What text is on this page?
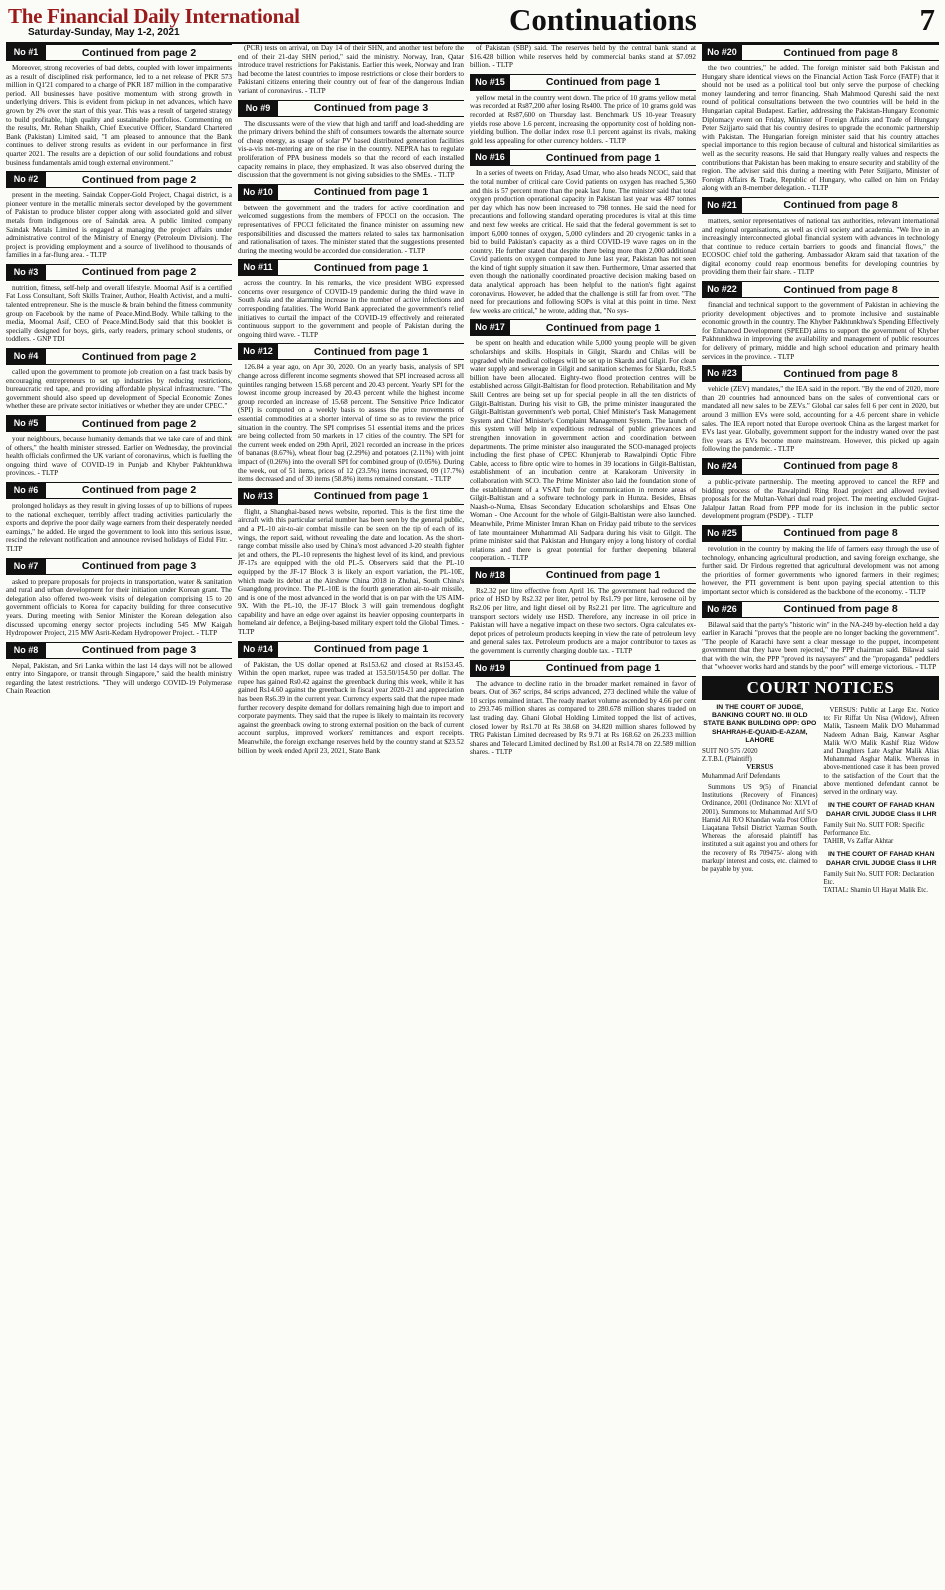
The Financial Daily International
Saturday-Sunday, May 1-2, 2021	Continuations	7
No #1	Continued from page 2
Moreover, strong recoveries of bad debts, coupled with lower impairments as a result of disciplined risk performance, led to a net release of PKR 573 million in Q1'21 compared to a charge of PKR 187 million in the comparative period. All businesses have positive momentum with strong growth in underlying drivers. This is evident from pickup in net advances, which have grown by 2% over the start of this year. This was a result of targeted strategy to build profitable, high quality and sustainable portfolios. Commenting on the results, Mr. Rehan Shaikh, Chief Executive Officer, Standard Chartered Bank (Pakistan) Limited said, "I am pleased to announce that the Bank continues to deliver strong results as evident in our performance in first quarter 2021. The results are a depiction of our solid foundations and robust business fundamentals amid tough external environment."
No #2	Continued from page 2
present in the meeting. Saindak Copper-Gold Project, Chagai district, is a pioneer venture in the metallic minerals sector developed by the government of Pakistan to produce blister copper along with associated gold and silver metals from indigenous ore of Saindak area. A public limited company Saindak Metals Limited is engaged at managing the project affairs under administrative control of the Ministry of Energy (Petroleum Division). The project is providing employment and a source of livelihood to thousands of families in a far-flung area. - TLTP
No #3	Continued from page 2
nutrition, fitness, self-help and overall lifestyle. Moomal Asif is a certified Fat Loss Consultant, Soft Skills Trainer, Author, Health Activist, and a multi-talented entrepreneur. She is the muscle & brain behind the fitness community group on Facebook by the name of Peace.Mind.Body. While talking to the media, Moomal Asif, CEO of Peace.Mind.Body said that this booklet is specially designed for boys, girls, early readers, primary school students, or toddlers. - GNP TDI
No #4	Continued from page 2
called upon the government to promote job creation on a fast track basis by encouraging entrepreneurs to set up industries by reducing restrictions, bureaucratic red tape, and providing affordable physical infrastructure. "The government should also speed up development of Special Economic Zones whether these are private sector initiatives or whether they are under CPEC."
No #5	Continued from page 2
your neighbours, because humanity demands that we take care of and think of others," the health minister stressed. Earlier on Wednesday, the provincial health officials confirmed the UK variant of coronavirus, which is fuelling the ongoing third wave of COVID-19 in Punjab and Khyber Pakhtunkhwa provinces. - TLTP
No #6	Continued from page 2
prolonged holidays as they result in giving losses of up to billions of rupees to the national exchequer, terribly affect trading activities particularly the exports and deprive the poor daily wage earners from their desperately needed earnings," he added. He urged the government to look into this serious issue, rescind the relevant notification and announce revised holidays of Eidul Fitr. - TLTP
No #7	Continued from page 3
asked to prepare proposals for projects in transportation, water & sanitation and rural and urban development for their initiation under Korean grant. The delegation also offered two-week visits of delegation comprising 15 to 20 government officials to Korea for capacity building for three consecutive years. During meeting with Senior Minister the Korean delegation also discussed upcoming energy sector projects including 545 MW Kaigah Hydropower Project, 215 MW Asrit-Kedam Hydropower Project. - TLTP
No #8	Continued from page 3
Nepal, Pakistan, and Sri Lanka within the last 14 days will not be allowed entry into Singapore, or transit through Singapore," said the health ministry regarding the latest restrictions. "They will undergo COVID-19 Polymerase Chain Reaction
(PCR) tests on arrival, on Day 14 of their SHN, and another test before the end of their 21-day SHN period," said the ministry. Norway, Iran, Qatar introduce travel restrictions for Pakistanis. Earlier this week, Norway and Iran had become the latest countries to impose restrictions or close their borders to Pakistani citizens entering their country out of fear of the dangerous Indian variant of coronavirus. - TLTP
No #9	Continued from page 3
The discussants were of the view that high and tariff and load-shedding are the primary drivers behind the shift of consumers towards the alternate source of cheap energy, as usage of solar PV based distributed generation facilities vis-a-vis net-metering are on the rise in the country. NEPRA has to regulate proliferation of PPA business models so that the record of each installed capacity remains in place, they emphasized. It was also observed during the discussion that the government is not giving subsidies to the SMEs. - TLTP
No #10	Continued from page 1
between the government and the traders for active coordination and welcomed suggestions from the members of FPCCI on the occasion. The representatives of FPCCI felicitated the finance minister on assuming new responsibilities and discussed the matters related to sales tax harmonisation and rationalisation of taxes. The minister stated that the suggestions presented during the meeting would be accorded due consideration. - TLTP
No #11	Continued from page 1
across the country. In his remarks, the vice president WBG expressed concerns over resurgence of COVID-19 pandemic during the third wave in South Asia and the alarming increase in the number of active infections and corresponding fatalities. The World Bank appreciated the government's relief initiatives to curtail the impact of the COVID-19 effectively and reiterated continuous support to the government and people of Pakistan during the ongoing third wave. - TLTP
No #12	Continued from page 1
126.84 a year ago, on Apr 30, 2020. On an yearly basis, analysis of SPI change across different income segments showed that SPI increased across all quintiles ranging between 15.68 percent and 20.43 percent. Yearly SPI for the lowest income group increased by 20.43 percent while the highest income group recorded an increase of 15.68 percent. The Sensitive Price Indicator (SPI) is computed on a weekly basis to assess the price movements of essential commodities at a shorter interval of time so as to review the price situation in the country. The SPI comprises 51 essential items and the prices are being collected from 50 markets in 17 cities of the country. The SPI for the current week ended on 29th April, 2021 recorded an increase in the prices of bananas (8.67%), wheat flour bag (2.29%) and potatoes (2.11%) with joint impact of (0.26%) into the overall SPI for combined group of (0.05%). During the week, out of 51 items, prices of 12 (23.5%) items increased, 09 (17.7%) items decreased and of 30 items (58.8%) items remained constant. - TLTP
No #13	Continued from page 1
flight, a Shanghai-based news website, reported. This is the first time the aircraft with this particular serial number has been seen by the general public, and a PL-10 air-to-air combat missile can be seen on the tip of each of its wings, the report said, without revealing the date and location. As the short-range combat missile also used by China's most advanced J-20 stealth fighter jet and others, the PL-10 represents the highest level of its kind, and previous JF-17s are equipped with the old PL-5. Observers said that the PL-10 equipped by the JF-17 Block 3 is likely an export variation, the PL-10E, which made its debut at the Airshow China 2018 in Zhuhai, South China's Guangdong province. The PL-10E is the fourth generation air-to-air missile, and is one of the most advanced in the world that is on par with the US AIM-9X. With the PL-10, the JF-17 Block 3 will gain tremendous dogfight capability and have an edge over against its heavier opposing counterparts in homeland air defence, a Beijing-based military expert told the Global Times. - TLTP
No #14	Continued from page 1
of Pakistan, the US dollar opened at Rs153.62 and closed at Rs153.45. Within the open market, rupee was traded at 153.50/154.50 per dollar. The rupee has gained Rs0.42 against the greenback during this week, while it has gained Rs14.60 against the greenback in fiscal year 2020-21 and appreciation has been Rs6.39 in the current year. Currency experts said that the rupee made further recovery despite demand for dollars remaining high due to import and corporate payments. They said that the rupee is likely to maintain its recovery against the greenback owing to strong external position on the back of current account surplus, improved workers' remittances and export receipts. Meanwhile, the foreign exchange reserves held by the country stand at $23.52 billion by week ended April 23, 2021, State Bank
of Pakistan (SBP) said. The reserves held by the central bank stand at $16.428 billion while reserves held by commercial banks stand at $7.092 billion. - TLTP
No #15	Continued from page 1
yellow metal in the country went down. The price of 10 grams yellow metal was recorded at Rs87,200 after losing Rs400. The price of 10 grams gold was recorded at Rs87,600 on Thursday last. Benchmark US 10-year Treasury yields rose above 1.6 percent, increasing the opportunity cost of holding non-yielding bullion. The dollar index rose 0.1 percent against its rivals, making gold less appealing for other currency holders. - TLTP
No #16	Continued from page 1
In a series of tweets on Friday, Asad Umar, who also heads NCOC, said that the total number of critical care Covid patients on oxygen has reached 5,360 and this is 57 percent more than the peak last June. The minister said that total oxygen production operational capacity in Pakistan last year was 487 tonnes per day which has now been increased to 798 tonnes. He said the need for precautions and following standard operating procedures is vital at this time and next few weeks are critical. He said that the federal government is set to import 6,000 tonnes of oxygen, 5,000 cylinders and 20 cryogenic tanks in a bid to build Pakistan's capacity as a third COVID-19 wave rages on in the country. He further stated that despite there being more than 2,000 additional Covid patients on oxygen compared to June last year, Pakistan has not seen the kind of tight supply situation it saw then. Furthermore, Umar asserted that even though the nationally coordinated proactive decision making based on data analytical approach has been helpful to the nation's fight against coronavirus. However, he added that the challenge is still far from over. "The need for precautions and following SOPs is vital at this point in time. Next few weeks are critical," he wrote, adding that, "No sys-
No #17	Continued from page 1
be spent on health and education while 5,000 young people will be given scholarships and skills. Hospitals in Gilgit, Skardu and Chilas will be upgraded while medical colleges will be set up in Skardu and Gilgit. For clean water supply and sewerage in Gilgit and sanitation schemes for Skardu, Rs8.5 billion have been allocated. Eighty-two flood protection centres will be established across Gilgit-Baltistan for flood protection. Rehabilitation and My Skill Centres are being set up for special people in all the ten districts of Gilgit-Baltistan. During his visit to GB, the prime minister inaugurated the Gilgit-Baltistan government's web portal, Chief Minister's Task Management System and Chief Minister's Complaint Management System. The launch of this system will help in expeditious redressal of public grievances and strengthen innovation in government action and coordination between departments. The prime minister also inaugurated the SCO-managed projects including the first phase of CPEC Khunjerab to Rawalpindi Optic Fibre Cable, access to fibre optic wire to homes in 39 locations in Gilgit-Baltistan, establishment of an incubation centre at Karakoram University in collaboration with SCO. The Prime Minister also laid the foundation stone of the establishment of a VSAT hub for communication in remote areas of Gilgit-Baltistan and a software technology park in Hunza. Besides, Ehsas Naash-o-Numa, Ehsas Secondary Education scholarships and Ehsas One Woman - One Account for the whole of Gilgit-Baltistan were also launched. Meanwhile, Prime Minister Imran Khan on Friday paid tribute to the services of late mountaineer Muhammad Ali Sadpara during his visit to Gilgit. The prime minister said that Pakistan and Hungary enjoy a long history of cordial relations and there is great potential for further deepening bilateral cooperation. - TLTP
No #18	Continued from page 1
Rs2.32 per litre effective from April 16. The government had reduced the price of HSD by Rs2.32 per liter, petrol by Rs1.79 per litre, kerosene oil by Rs2.06 per litre, and light diesel oil by Rs2.21 per litre. The agriculture and transport sectors widely use HSD. Therefore, any increase in oil price in Pakistan will have a negative impact on these two sectors. Ogra calculates ex-depot prices of petroleum products keeping in view the rate of petroleum levy and general sales tax. Petroleum products are a major contributor to taxes as the government is currently charging double tax. - TLTP
No #19	Continued from page 1
The advance to decline ratio in the broader market remained in favor of bears. Out of 367 scrips, 84 scrips advanced, 273 declined while the value of 10 scrips remained intact. The ready market volume ascended by 4.66 per cent to 293.746 million shares as compared to 280.678 million shares traded on last trading day. Ghani Global Holding Limited topped the list of actives, closed lower by Rs1.70 at Rs 38.68 on 34.820 million shares followed by TRG Pakistan Limited decreased by Rs 9.71 at Rs 168.62 on 26.233 million shares and Telecard Limited declined by Rs1.00 at Rs14.78 on 22.589 million shares. - TLTP
No #20	Continued from page 8
the two countries," he added. The foreign minister said both Pakistan and Hungary share identical views on the Financial Action Task Force (FATF) that it should not be used as a political tool but only serve the purpose of checking money laundering and terror financing. Shah Mahmood Qureshi said the next round of political consultations between the two countries will be held in the Hungarian capital Budapest. Earlier, addressing the Pakistan-Hungary Economic Diplomacy event on Friday, Minister of Foreign Affairs and Trade of Hungary Peter Szijjarto said that his country desires to upgrade the economic partnership with Pakistan. The Hungarian foreign minister said that his country attaches special importance to this region because of cultural and historical similarities as well as the security reasons. He said that Hungary really values and respects the contributions that Pakistan has been making to ensure security and stability of the region. The adviser said this during a meeting with Peter Szijjarto, Minister of Foreign Affairs & Trade, Republic of Hungary, who called on him on Friday along with an 8-member delegation. - TLTP
No #21	Continued from page 8
matters, senior representatives of national tax authorities, relevant international and regional organisations, as well as civil society and academia. "We live in an increasingly interconnected global financial system with advances in technology that continue to reduce certain barriers to goods and financial flows," the ECOSOC chief told the gathering. Ambassador Akram said that taxation of the digital economy could reap enormous benefits for developing countries by providing them their fair share. - TLTP
No #22	Continued from page 8
financial and technical support to the government of Pakistan in achieving the priority development objectives and to promote inclusive and sustainable economic growth in the country. The Khyber Pakhtunkhwa's Spending Effectively for Enhanced Development (SPEED) aims to support the government of Khyber Pakhtunkhwa in improving the availability and management of public resources for delivery of primary, middle and high school education and primary health services in the province. - TLTP
No #23	Continued from page 8
vehicle (ZEV) mandates," the IEA said in the report. "By the end of 2020, more than 20 countries had announced bans on the sales of conventional cars or mandated all new sales to be ZEVs." Global car sales fell 6 per cent in 2020, but around 3 million EVs were sold, accounting for a 4.6 percent share in vehicle sales. The IEA report noted that Europe overtook China as the largest market for EVs last year. Globally, government support for the industry waned over the past five years as EVs become more mainstream. However, this picked up again following the pandemic. - TLTP
No #24	Continued from page 8
a public-private partnership. The meeting approved to cancel the RFP and bidding process of the Rawalpindi Ring Road project and allowed revised proposals for the Multan-Vehari dual road project. The meeting excluded Gujrat-Jalalpur Jattan Road from PPP mode for its inclusion in the public sector development program (PSDP). - TLTP
No #25	Continued from page 8
revolution in the country by making the life of farmers easy through the use of technology, enhancing agricultural production, and saving foreign exchange, she further said. Dr Firdous regretted that agricultural development was not among the priorities of former governments who ignored farmers in their regimes; however, the PTI government is bent upon paying special attention to this important sector which is considered as the backbone of the economy. - TLTP
No #26	Continued from page 8
Bilawal said that the party's "historic win" in the NA-249 by-election held a day earlier in Karachi "proves that the people are no longer backing the government". "The people of Karachi have sent a clear message to the puppet, incompetent government that they have been rejected," the PPP chairman said. Bilawal said that with the win, the PPP "proved its naysayers" and the "propaganda" peddlers that "whoever works hard and stands by the poor" will emerge victorious. - TLTP
COURT NOTICES
IN THE COURT OF JUDGE, BANKING COURT NO. III OLD STATE BANK BUILDING OPP: GPO SHAHRAH-E-QUAID-E-AZAM, LAHORE
SUIT NO 575 /2020
Z.T.B.L (Plaintiff)
VERSUS
Muhammad Arif Defendants
Summons US 9(5) of Financial Institutions (Recovery of Finances) Ordinance, 2001 (Ordinance No: XLVI of 2001). Summons to: Muhammad Arif S/O Hamid Ali R/O Khandan wala Post Office Liaqatana Tehsil District Yazman South. Whereas the aforesaid plaintiff has instituted a suit against you and others for the recovery of Rs 709475/- along with markup/ interest and costs, etc. claimed to be payable by you.
VERSUS: Public at Large Etc. Notice to: Fir Riffat Un Nisa (Widow), Afreen Malik, Tasneem Malik D/O Muhammad Nadeem Adnan Baig, Kanwar Asghar Malik W/O Malik Kashif Riaz Widow and Daughters Late Asghar Malik Alias Muhammad Asghar Malik. Whereas in above-mentioned case it has been proved to the satisfaction of the Court that the above mentioned defendant cannot be served in the ordinary way.
IN THE COURT OF FAHAD KHAN DAHAR CIVIL JUDGE Class II LHR
Family Suit No. SUIT FOR: Specific Performance Etc.
TAHIR, Vs Zaffar Akhtar
IN THE COURT OF FAHAD KHAN DAHAR CIVIL JUDGE Class II LHR
Family Suit No. SUIT FOR: Declaration Etc.
TATIAL: Shamin Ul Hayat Malik Etc.
